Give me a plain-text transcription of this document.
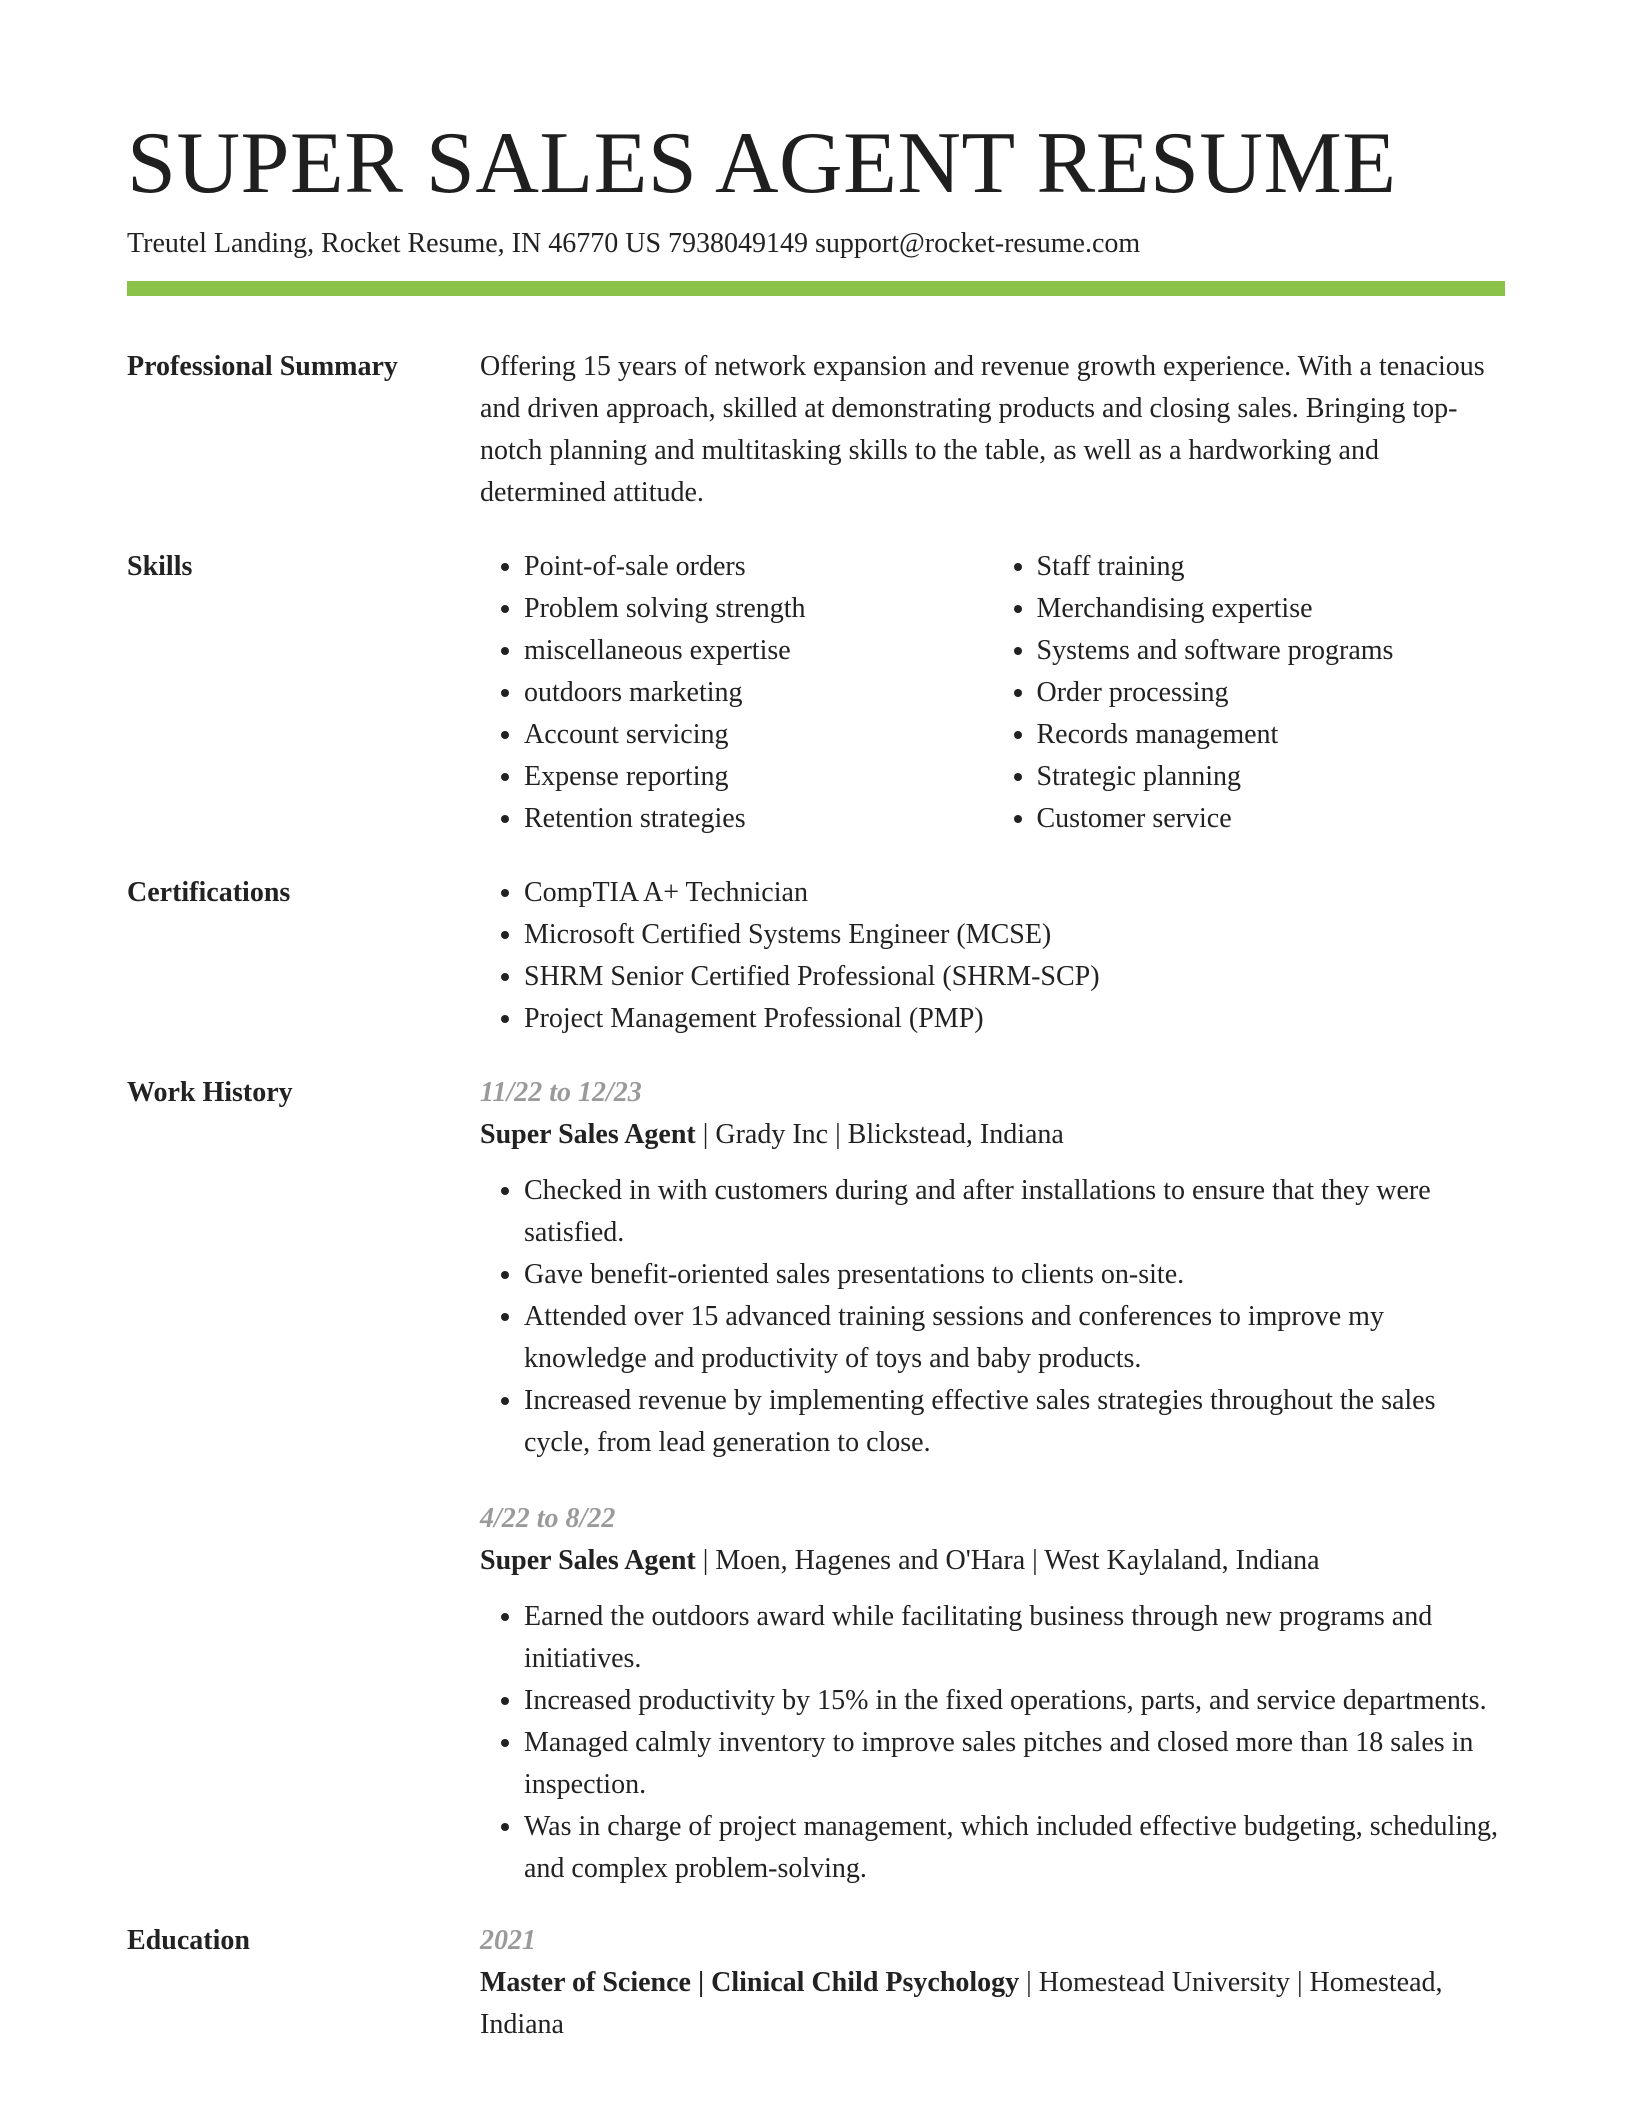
SUPER SALES AGENT RESUME
Treutel Landing, Rocket Resume, IN 46770 US 7938049149 support@rocket-resume.com
Professional Summary	Offering 15 years of network expansion and revenue growth experience. With a tenacious and driven approach, skilled at demonstrating products and closing sales. Bringing top-notch planning and multitasking skills to the table, as well as a hardworking and determined attitude.
Skills	• Point-of-sale orders
• Problem solving strength
• miscellaneous expertise
• outdoors marketing
• Account servicing
• Expense reporting
• Retention strategies
• Staff training
• Merchandising expertise
• Systems and software programs
• Order processing
• Records management
• Strategic planning
• Customer service
Certifications	• CompTIA A+ Technician
• Microsoft Certified Systems Engineer (MCSE)
• SHRM Senior Certified Professional (SHRM-SCP)
• Project Management Professional (PMP)
Work History	11/22 to 12/23
Super Sales Agent | Grady Inc | Blickstead, Indiana
• Checked in with customers during and after installations to ensure that they were satisfied.
• Gave benefit-oriented sales presentations to clients on-site.
• Attended over 15 advanced training sessions and conferences to improve my knowledge and productivity of toys and baby products.
• Increased revenue by implementing effective sales strategies throughout the sales cycle, from lead generation to close.
4/22 to 8/22
Super Sales Agent | Moen, Hagenes and O'Hara | West Kaylaland, Indiana
• Earned the outdoors award while facilitating business through new programs and initiatives.
• Increased productivity by 15% in the fixed operations, parts, and service departments.
• Managed calmly inventory to improve sales pitches and closed more than 18 sales in inspection.
• Was in charge of project management, which included effective budgeting, scheduling, and complex problem-solving.
Education	2021
Master of Science | Clinical Child Psychology | Homestead University | Homestead, Indiana
